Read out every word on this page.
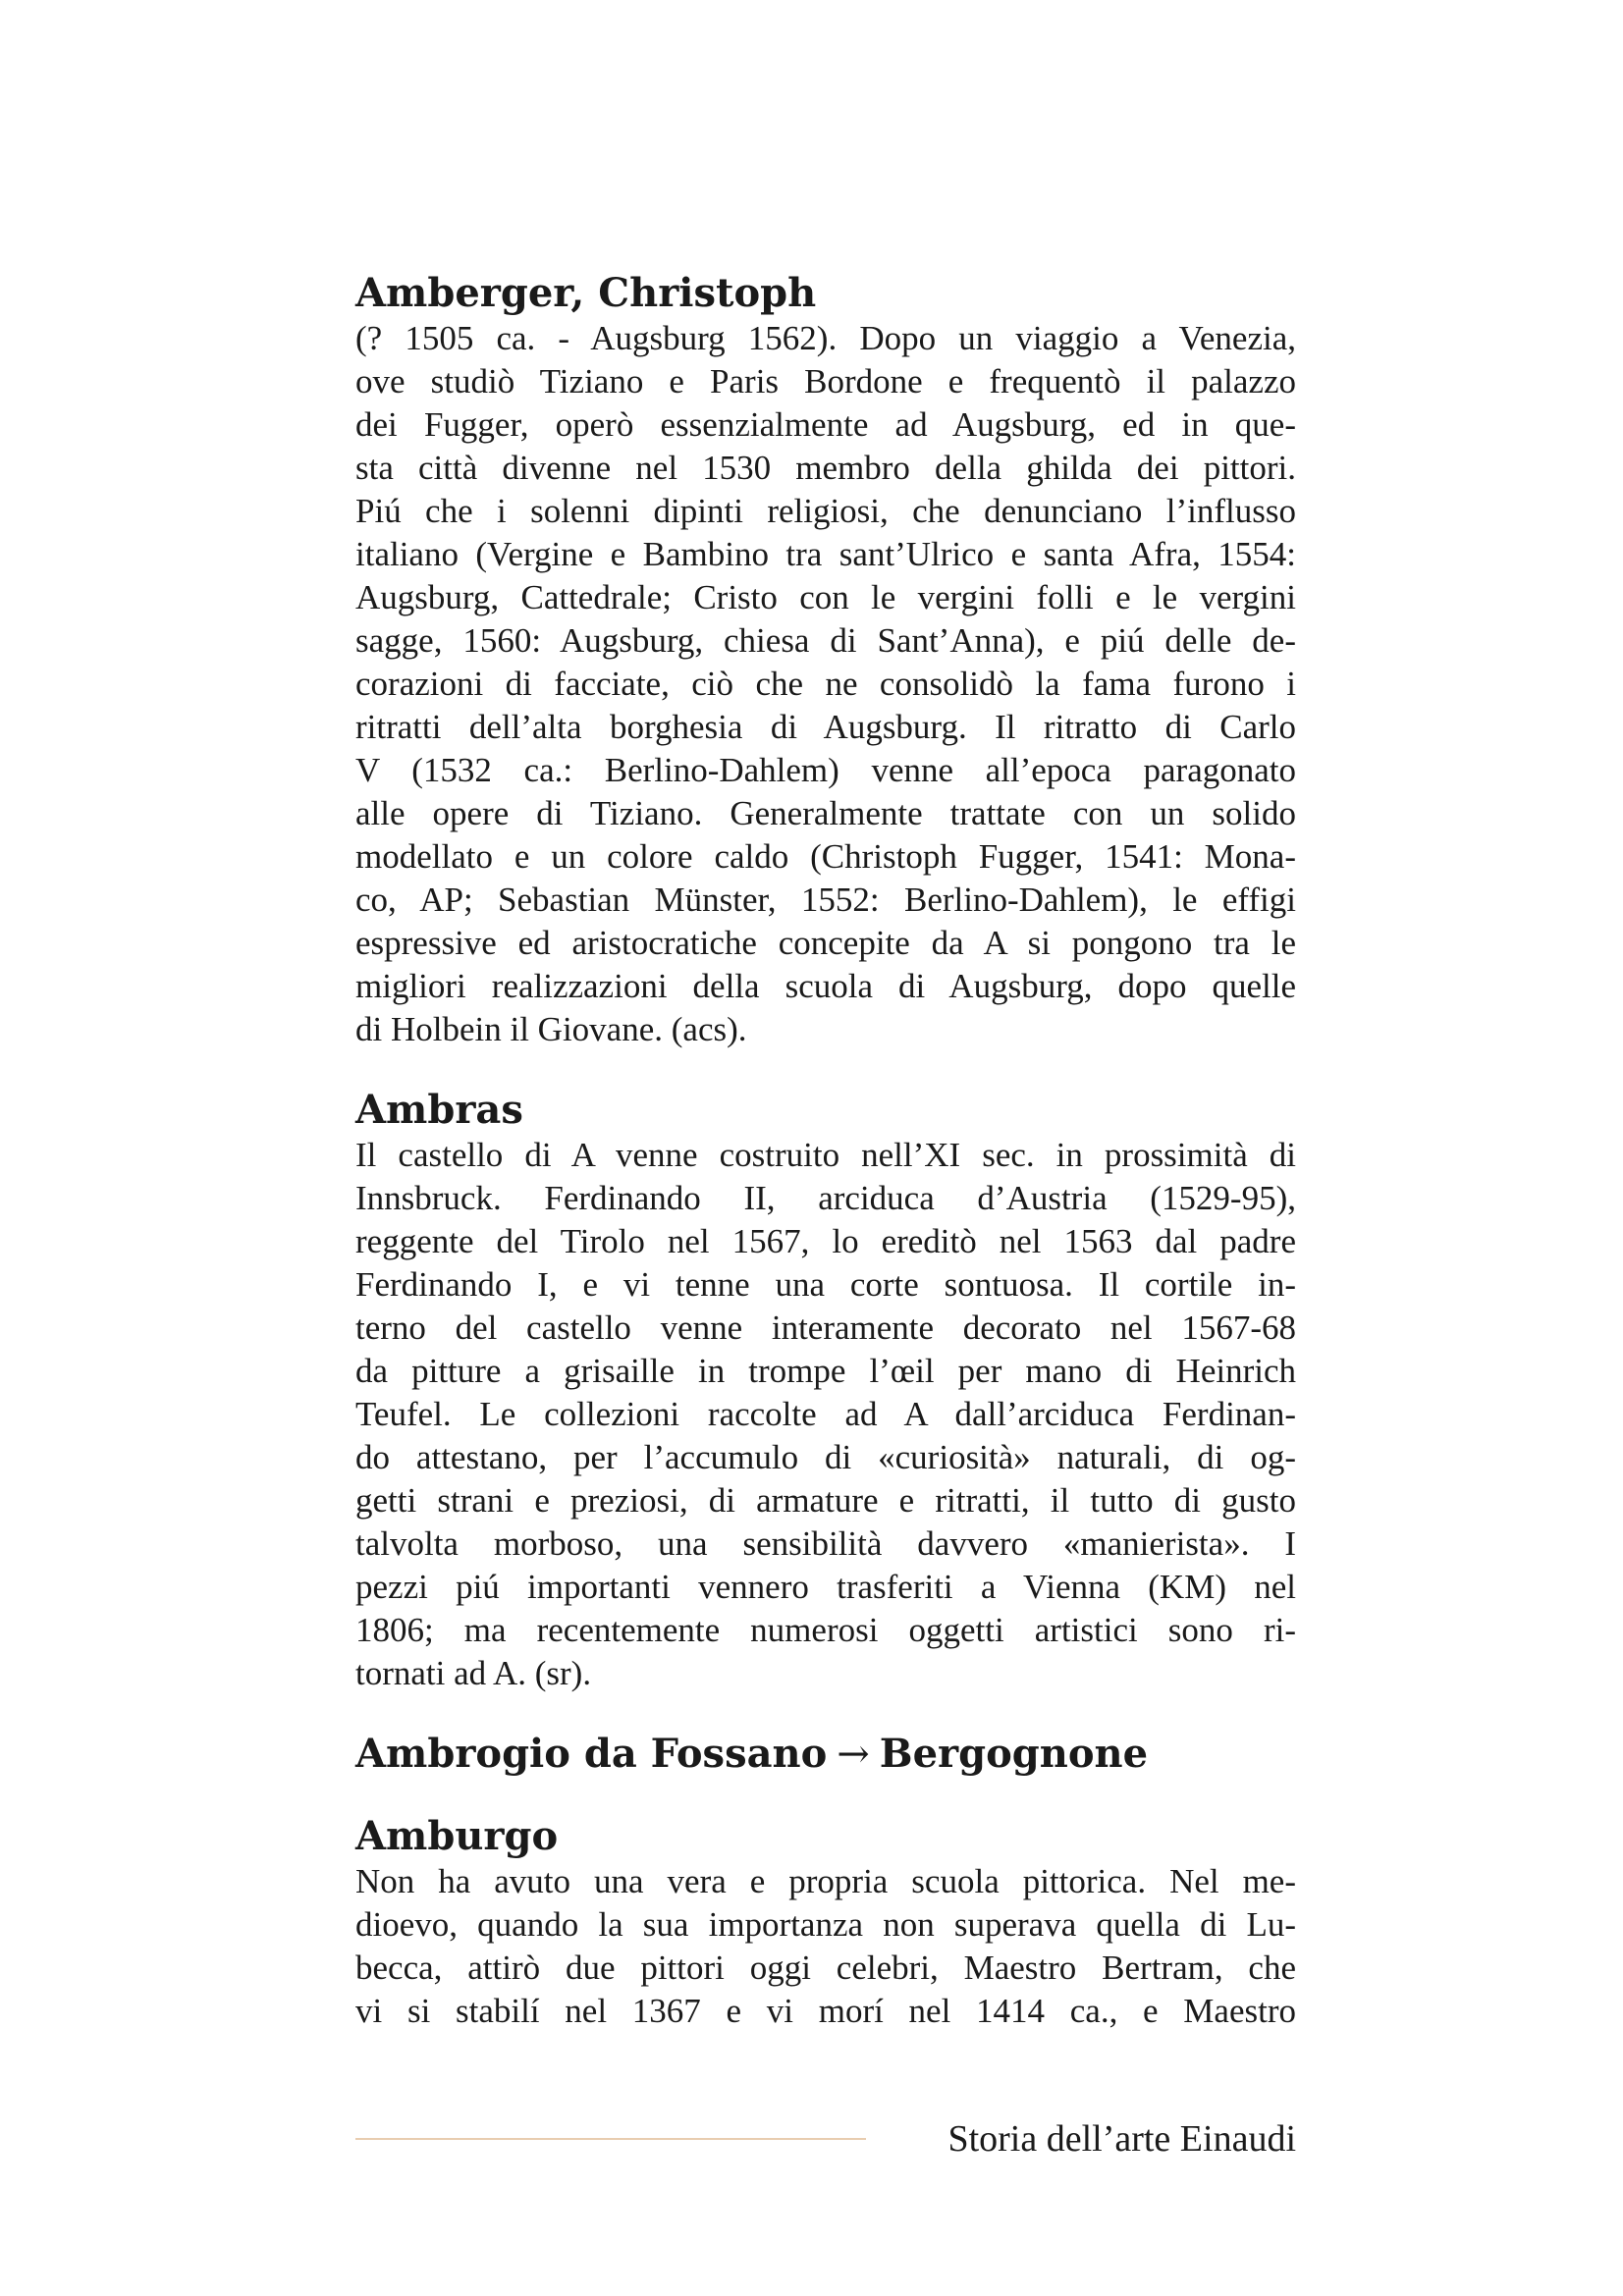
Amberger, Christoph
(? 1505 ca. - Augsburg 1562). Dopo un viaggio a Venezia,
ove studiò Tiziano e Paris Bordone e frequentò il palazzo
dei Fugger, operò essenzialmente ad Augsburg, ed in que-
sta città divenne nel 1530 membro della ghilda dei pittori.
Piú che i solenni dipinti religiosi, che denunciano l’influsso
italiano (Vergine e Bambino tra sant’Ulrico e santa Afra, 1554:
Augsburg, Cattedrale; Cristo con le vergini folli e le vergini
sagge, 1560: Augsburg, chiesa di Sant’Anna), e piú delle de-
corazioni di facciate, ciò che ne consolidò la fama furono i
ritratti dell’alta borghesia di Augsburg. Il ritratto di Carlo
V (1532 ca.: Berlino-Dahlem) venne all’epoca paragonato
alle opere di Tiziano. Generalmente trattate con un solido
modellato e un colore caldo (Christoph Fugger, 1541: Mona-
co, AP; Sebastian Münster, 1552: Berlino-Dahlem), le effigi
espressive ed aristocratiche concepite da A si pongono tra le
migliori realizzazioni della scuola di Augsburg, dopo quelle
di Holbein il Giovane. (acs).
Ambras
Il castello di A venne costruito nell’XI sec. in prossimità di
Innsbruck. Ferdinando II, arciduca d’Austria (1529-95),
reggente del Tirolo nel 1567, lo ereditò nel 1563 dal padre
Ferdinando I, e vi tenne una corte sontuosa. Il cortile in-
terno del castello venne interamente decorato nel 1567-68
da pitture a grisaille in trompe l’œil per mano di Heinrich
Teufel. Le collezioni raccolte ad A dall’arciduca Ferdinan-
do attestano, per l’accumulo di «curiosità» naturali, di og-
getti strani e preziosi, di armature e ritratti, il tutto di gusto
talvolta morboso, una sensibilità davvero «manierista». I
pezzi piú importanti vennero trasferiti a Vienna (KM) nel
1806; ma recentemente numerosi oggetti artistici sono ri-
tornati ad A. (sr).
Ambrogio da Fossano → Bergognone
Amburgo
Non ha avuto una vera e propria scuola pittorica. Nel me-
dioevo, quando la sua importanza non superava quella di Lu-
becca, attirò due pittori oggi celebri, Maestro Bertram, che
vi si stabilí nel 1367 e vi morí nel 1414 ca., e Maestro
Storia dell’arte Einaudi
